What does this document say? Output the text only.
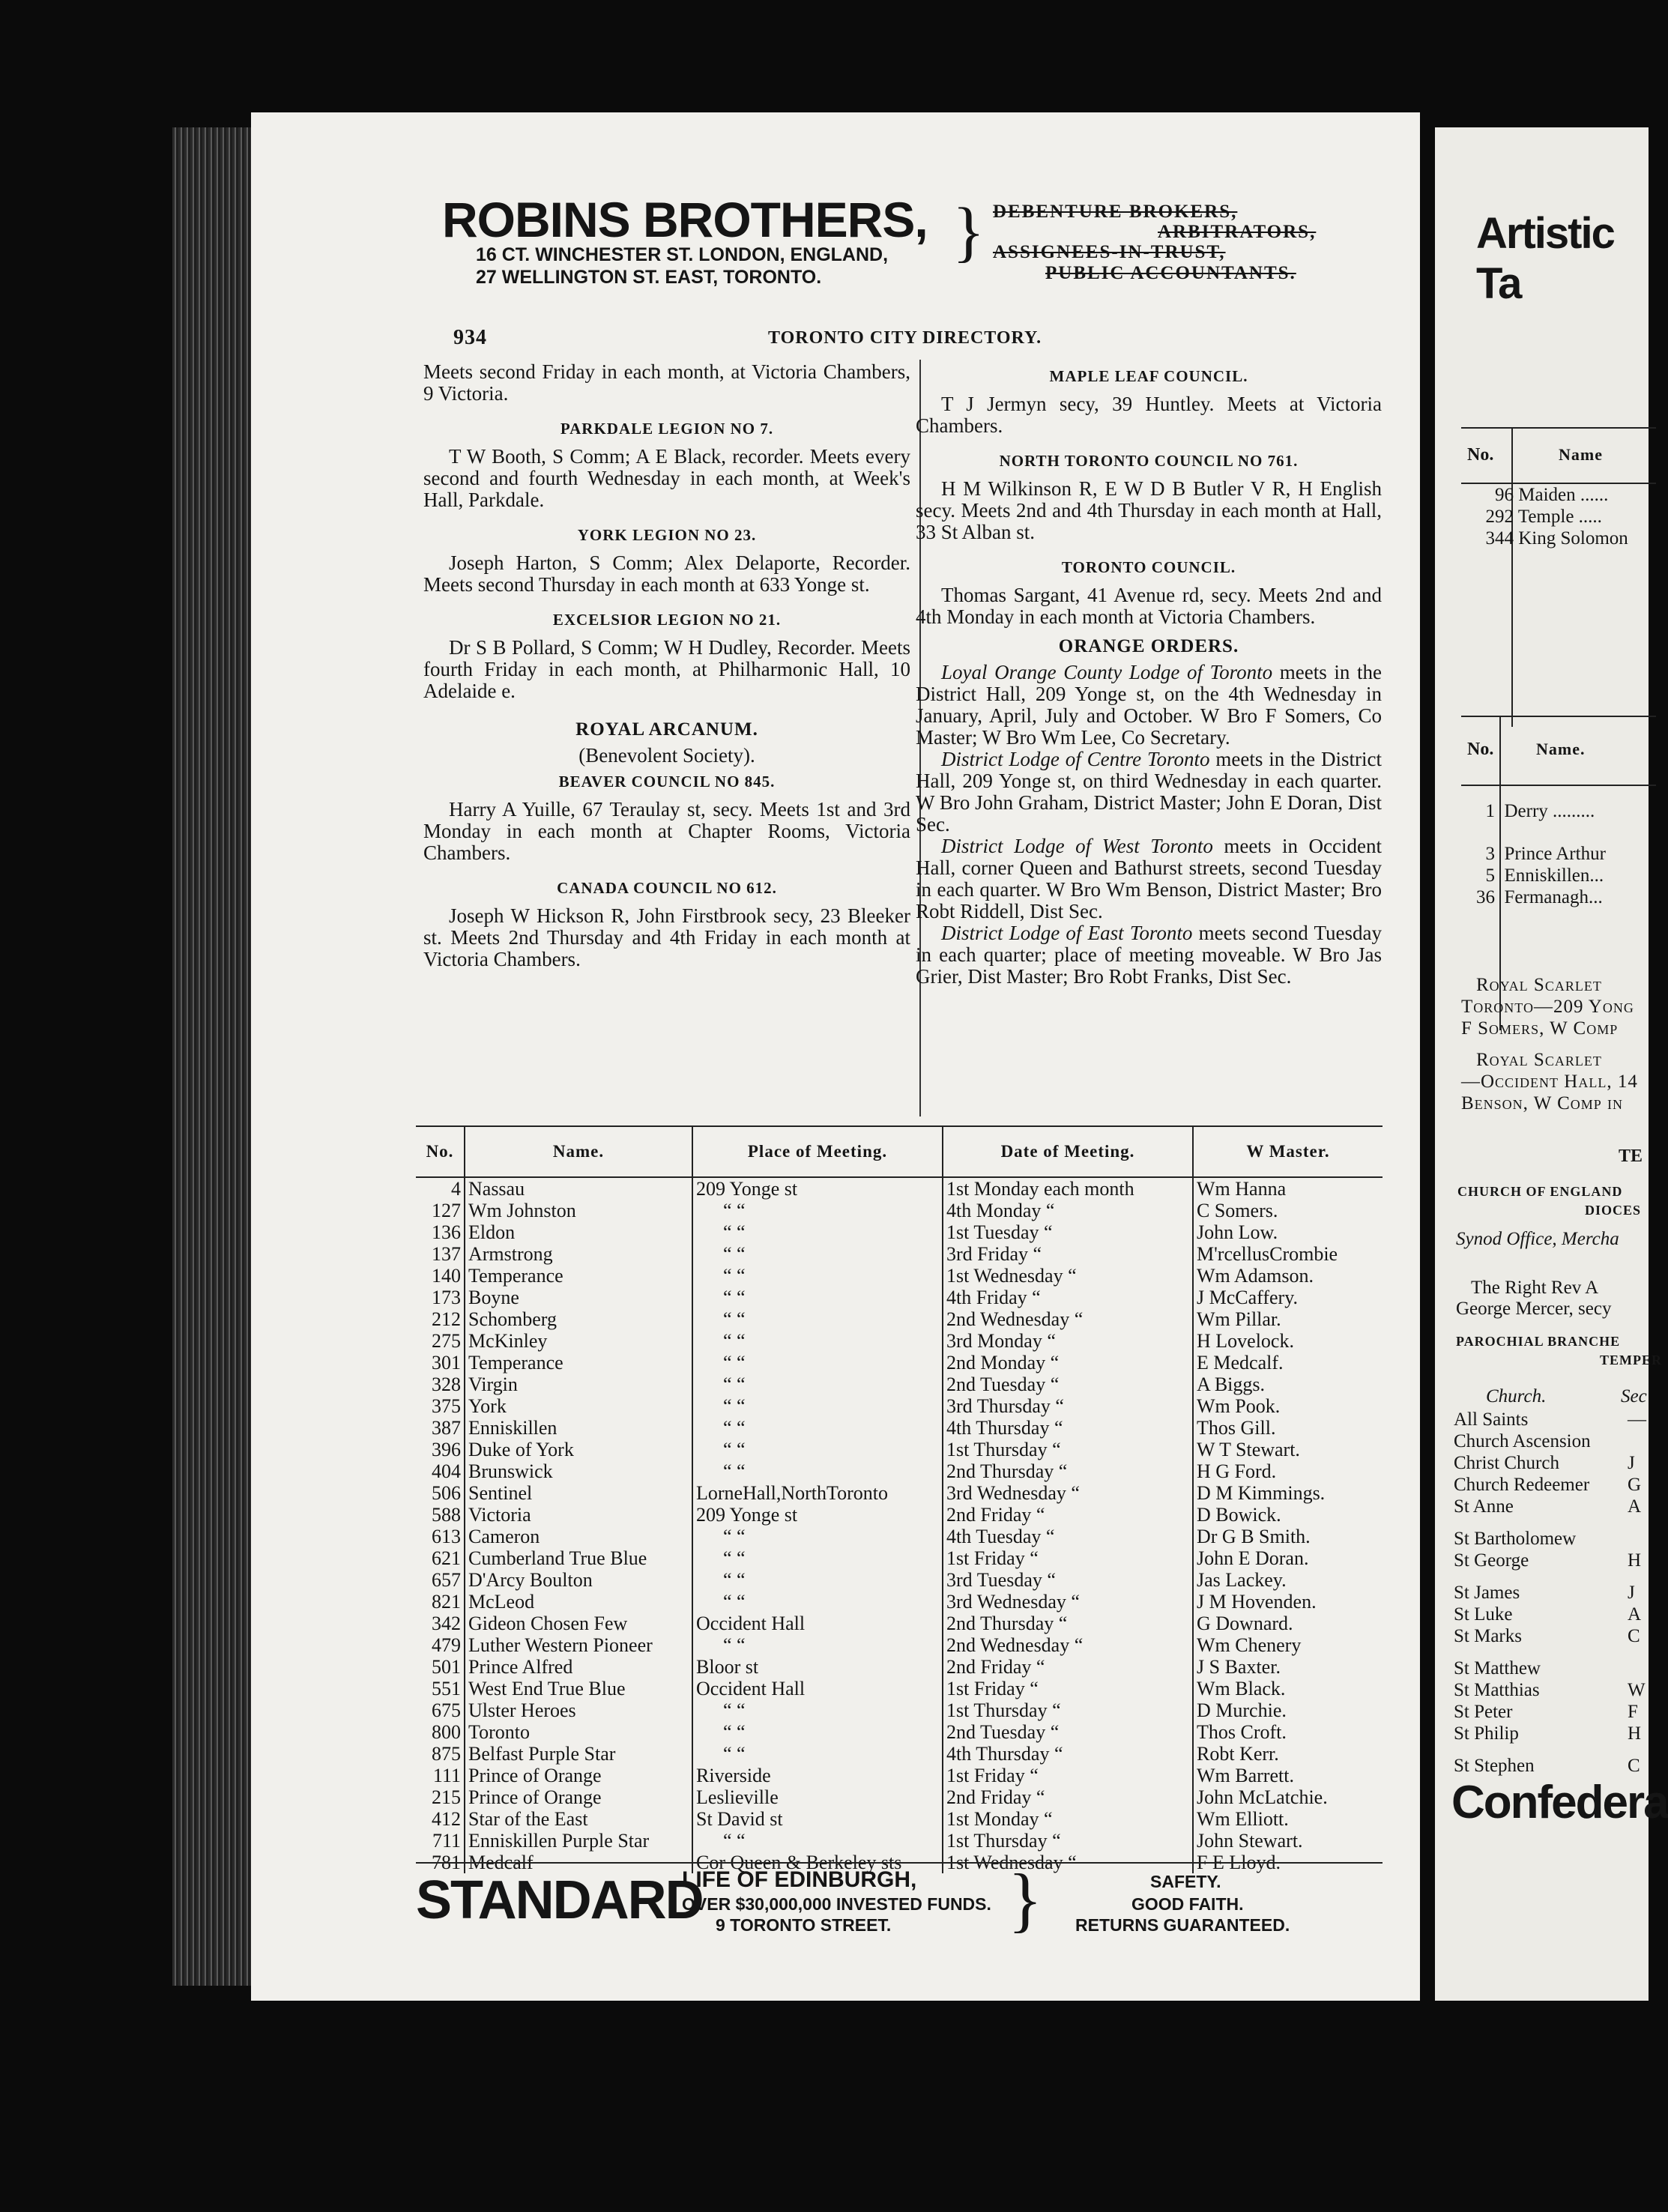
ROBINS BROTHERS, }
16 CT. WINCHESTER ST. LONDON, ENGLAND,
27 WELLINGTON ST. EAST, TORONTO.
DEBENTURE BROKERS,
ARBITRATORS,
ASSIGNEES-IN-TRUST,
PUBLIC ACCOUNTANTS.
934	TORONTO CITY DIRECTORY.

Meets second Friday in each month, at Victoria Chambers, 9 Victoria.

PARKDALE LEGION NO 7.

T W Booth, S Comm; A E Black, recorder. Meets every second and fourth Wednesday in each month, at Week's Hall, Parkdale.

YORK LEGION NO 23.

Joseph Harton, S Comm; Alex Delaporte, Recorder. Meets second Thursday in each month at 633 Yonge st.

EXCELSIOR LEGION NO 21.

Dr S B Pollard, S Comm; W H Dudley, Recorder. Meets fourth Friday in each month, at Philharmonic Hall, 10 Adelaide e.

ROYAL ARCANUM.
(Benevolent Society).
BEAVER COUNCIL NO 845.

Harry A Yuille, 67 Teraulay st, secy. Meets 1st and 3rd Monday in each month at Chapter Rooms, Victoria Chambers.

CANADA COUNCIL NO 612.

Joseph W Hickson R, John Firstbrook secy, 23 Bleeker st. Meets 2nd Thursday and 4th Friday in each month at Victoria Chambers.

MAPLE LEAF COUNCIL.

T J Jermyn secy, 39 Huntley. Meets at Victoria Chambers.

NORTH TORONTO COUNCIL NO 761.

H M Wilkinson R, E W D B Butler V R, H English secy. Meets 2nd and 4th Thursday in each month at Hall, 33 St Alban st.

TORONTO COUNCIL.

Thomas Sargant, 41 Avenue rd, secy. Meets 2nd and 4th Monday in each month at Victoria Chambers.

ORANGE ORDERS.

Loyal Orange County Lodge of Toronto meets in the District Hall, 209 Yonge st, on the 4th Wednesday in January, April, July and October. W Bro F Somers, Co Master; W Bro Wm Lee, Co Secretary.

District Lodge of Centre Toronto meets in the District Hall, 209 Yonge st, on third Wednesday in each quarter. W Bro John Graham, District Master; John E Doran, Dist Sec.

District Lodge of West Toronto meets in Occident Hall, corner Queen and Bathurst streets, second Tuesday in each quarter. W Bro Wm Benson, District Master; Bro Robt Riddell, Dist Sec.

District Lodge of East Toronto meets second Tuesday in each quarter; place of meeting moveable. W Bro Jas Grier, Dist Master; Bro Robt Franks, Dist Sec.

No.	Name.	Place of Meeting.	Date of Meeting.	W Master.
4	Nassau	209 Yonge st	1st Monday each month	Wm Hanna
127	Wm Johnston	“ “	4th Monday “	C Somers.
136	Eldon	“ “	1st Tuesday “	John Low.
137	Armstrong	“ “	3rd Friday “	M'rcellusCrombie
140	Temperance	“ “	1st Wednesday “	Wm Adamson.
173	Boyne	“ “	4th Friday “	J McCaffery.
212	Schomberg	“ “	2nd Wednesday “	Wm Pillar.
275	McKinley	“ “	3rd Monday “	H Lovelock.
301	Temperance	“ “	2nd Monday “	E Medcalf.
328	Virgin	“ “	2nd Tuesday “	A Biggs.
375	York	“ “	3rd Thursday “	Wm Pook.
387	Enniskillen	“ “	4th Thursday “	Thos Gill.
396	Duke of York	“ “	1st Thursday “	W T Stewart.
404	Brunswick	“ “	2nd Thursday “	H G Ford.
506	Sentinel	LorneHall,NorthToronto	3rd Wednesday “	D M Kimmings.
588	Victoria	209 Yonge st	2nd Friday “	D Bowick.
613	Cameron	“ “	4th Tuesday “	Dr G B Smith.
621	Cumberland True Blue	“ “	1st Friday “	John E Doran.
657	D'Arcy Boulton	“ “	3rd Tuesday “	Jas Lackey.
821	McLeod	“ “	3rd Wednesday “	J M Hovenden.
342	Gideon Chosen Few	Occident Hall	2nd Thursday “	G Downard.
479	Luther Western Pioneer	“ “	2nd Wednesday “	Wm Chenery
501	Prince Alfred	Bloor st	2nd Friday “	J S Baxter.
551	West End True Blue	Occident Hall	1st Friday “	Wm Black.
675	Ulster Heroes	“ “	1st Thursday “	D Murchie.
800	Toronto	“ “	2nd Tuesday “	Thos Croft.
875	Belfast Purple Star	“ “	4th Thursday “	Robt Kerr.
111	Prince of Orange	Riverside	1st Friday “	Wm Barrett.
215	Prince of Orange	Leslieville	2nd Friday “	John McLatchie.
412	Star of the East	St David st	1st Monday “	Wm Elliott.
711	Enniskillen Purple Star	“ “	1st Thursday “	John Stewart.
781	Medcalf	Cor Queen & Berkeley sts	1st Wednesday “	F E Lloyd.
STANDARD
LIFE OF EDINBURGH,
OVER $30,000,000 INVESTED FUNDS.
9 TORONTO STREET. }	SAFETY.
GOOD FAITH.
RETURNS GUARANTEED.
Artistic Ta
No.	Name
96 Maiden ......
292 Temple .....
344 King Solomon
No.	Name.
1 Derry .........
3 Prince Arthur
5 Enniskillen...
36 Fermanagh...
Royal Scarlet
Toronto—209 Yong
F Somers, W Comp
Royal Scarlet
—Occident Hall, 14
Benson, W Comp in
TE
CHURCH OF ENGLAND
DIOCES
Synod Office, Mercha
The Right Rev A
George Mercer, secy
PAROCHIAL BRANCHE
TEMPER
Church.	Sec
All Saints	—
Church Ascension
Christ Church	J
Church Redeemer G
St Anne	A
St Bartholomew
St George	H
St James	J
St Luke	A
St Marks	C
St Matthew
St Matthias	W
St Peter	F
St Philip	H
St Stephen	C
Confedera
